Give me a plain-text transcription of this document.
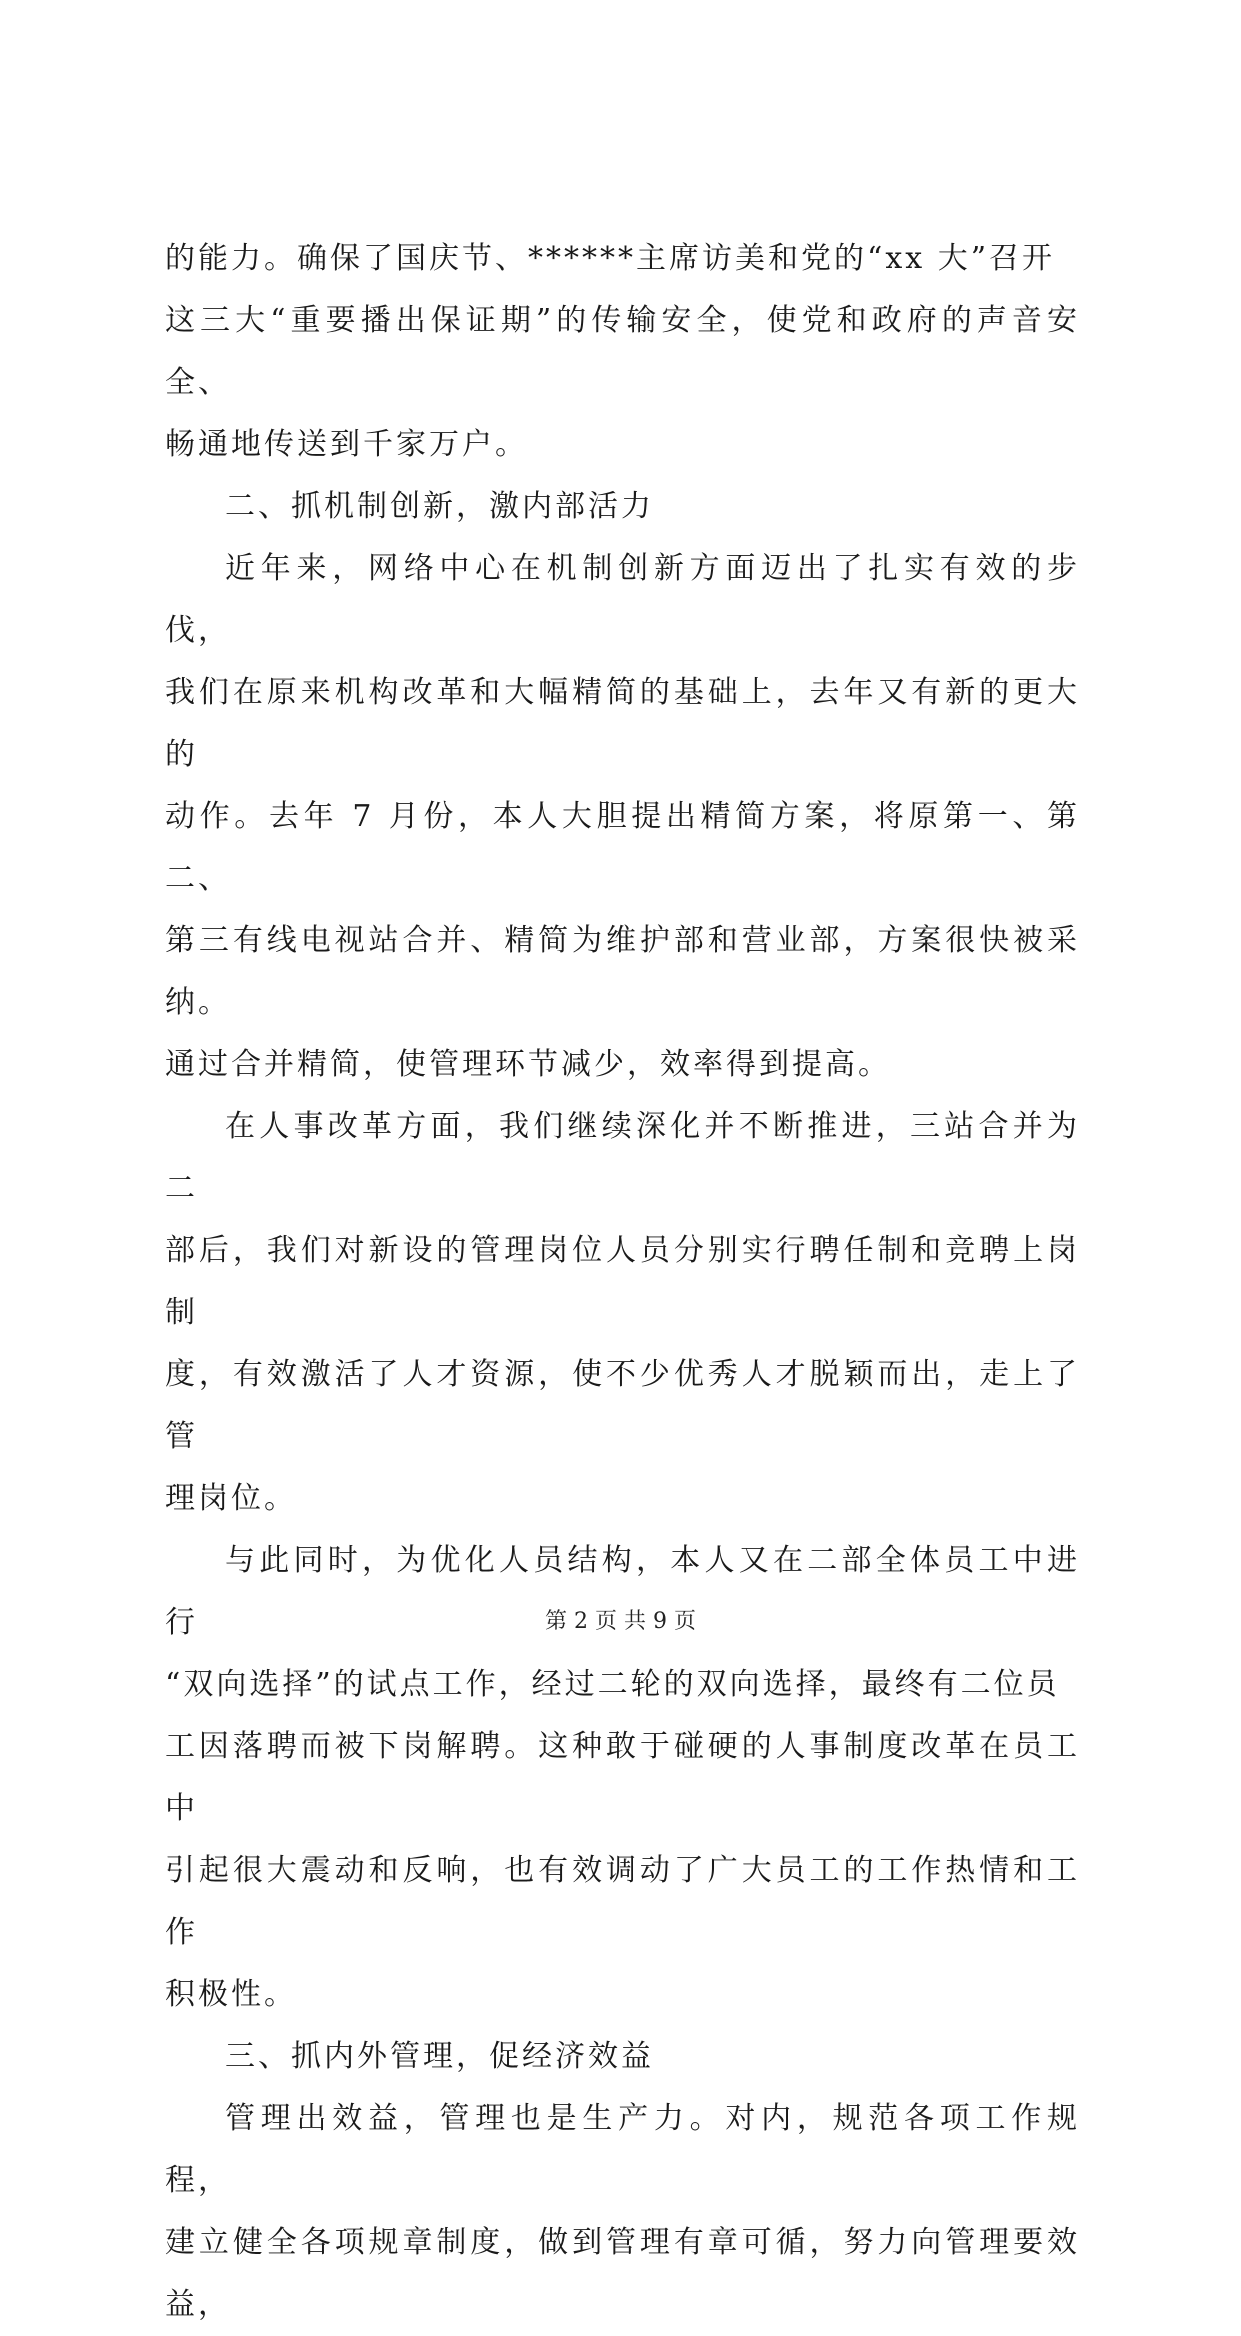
的能力。确保了国庆节、******主席访美和党的“xx 大”召开
这三大“重要播出保证期”的传输安全，使党和政府的声音安全、
畅通地传送到千家万户。

二、抓机制创新，激内部活力

近年来，网络中心在机制创新方面迈出了扎实有效的步伐，
我们在原来机构改革和大幅精简的基础上，去年又有新的更大的
动作。去年 7 月份，本人大胆提出精简方案，将原第一、第二、
第三有线电视站合并、精简为维护部和营业部，方案很快被采纳。
通过合并精简，使管理环节减少，效率得到提高。

在人事改革方面，我们继续深化并不断推进，三站合并为二
部后，我们对新设的管理岗位人员分别实行聘任制和竞聘上岗制
度，有效激活了人才资源，使不少优秀人才脱颖而出，走上了管
理岗位。

与此同时，为优化人员结构，本人又在二部全体员工中进行
“双向选择”的试点工作，经过二轮的双向选择，最终有二位员
工因落聘而被下岗解聘。这种敢于碰硬的人事制度改革在员工中
引起很大震动和反响，也有效调动了广大员工的工作热情和工作
积极性。

三、抓内外管理，促经济效益

管理出效益，管理也是生产力。对内，规范各项工作规程，
建立健全各项规章制度，做到管理有章可循，努力向管理要效益，

第 2 页 共 9 页
